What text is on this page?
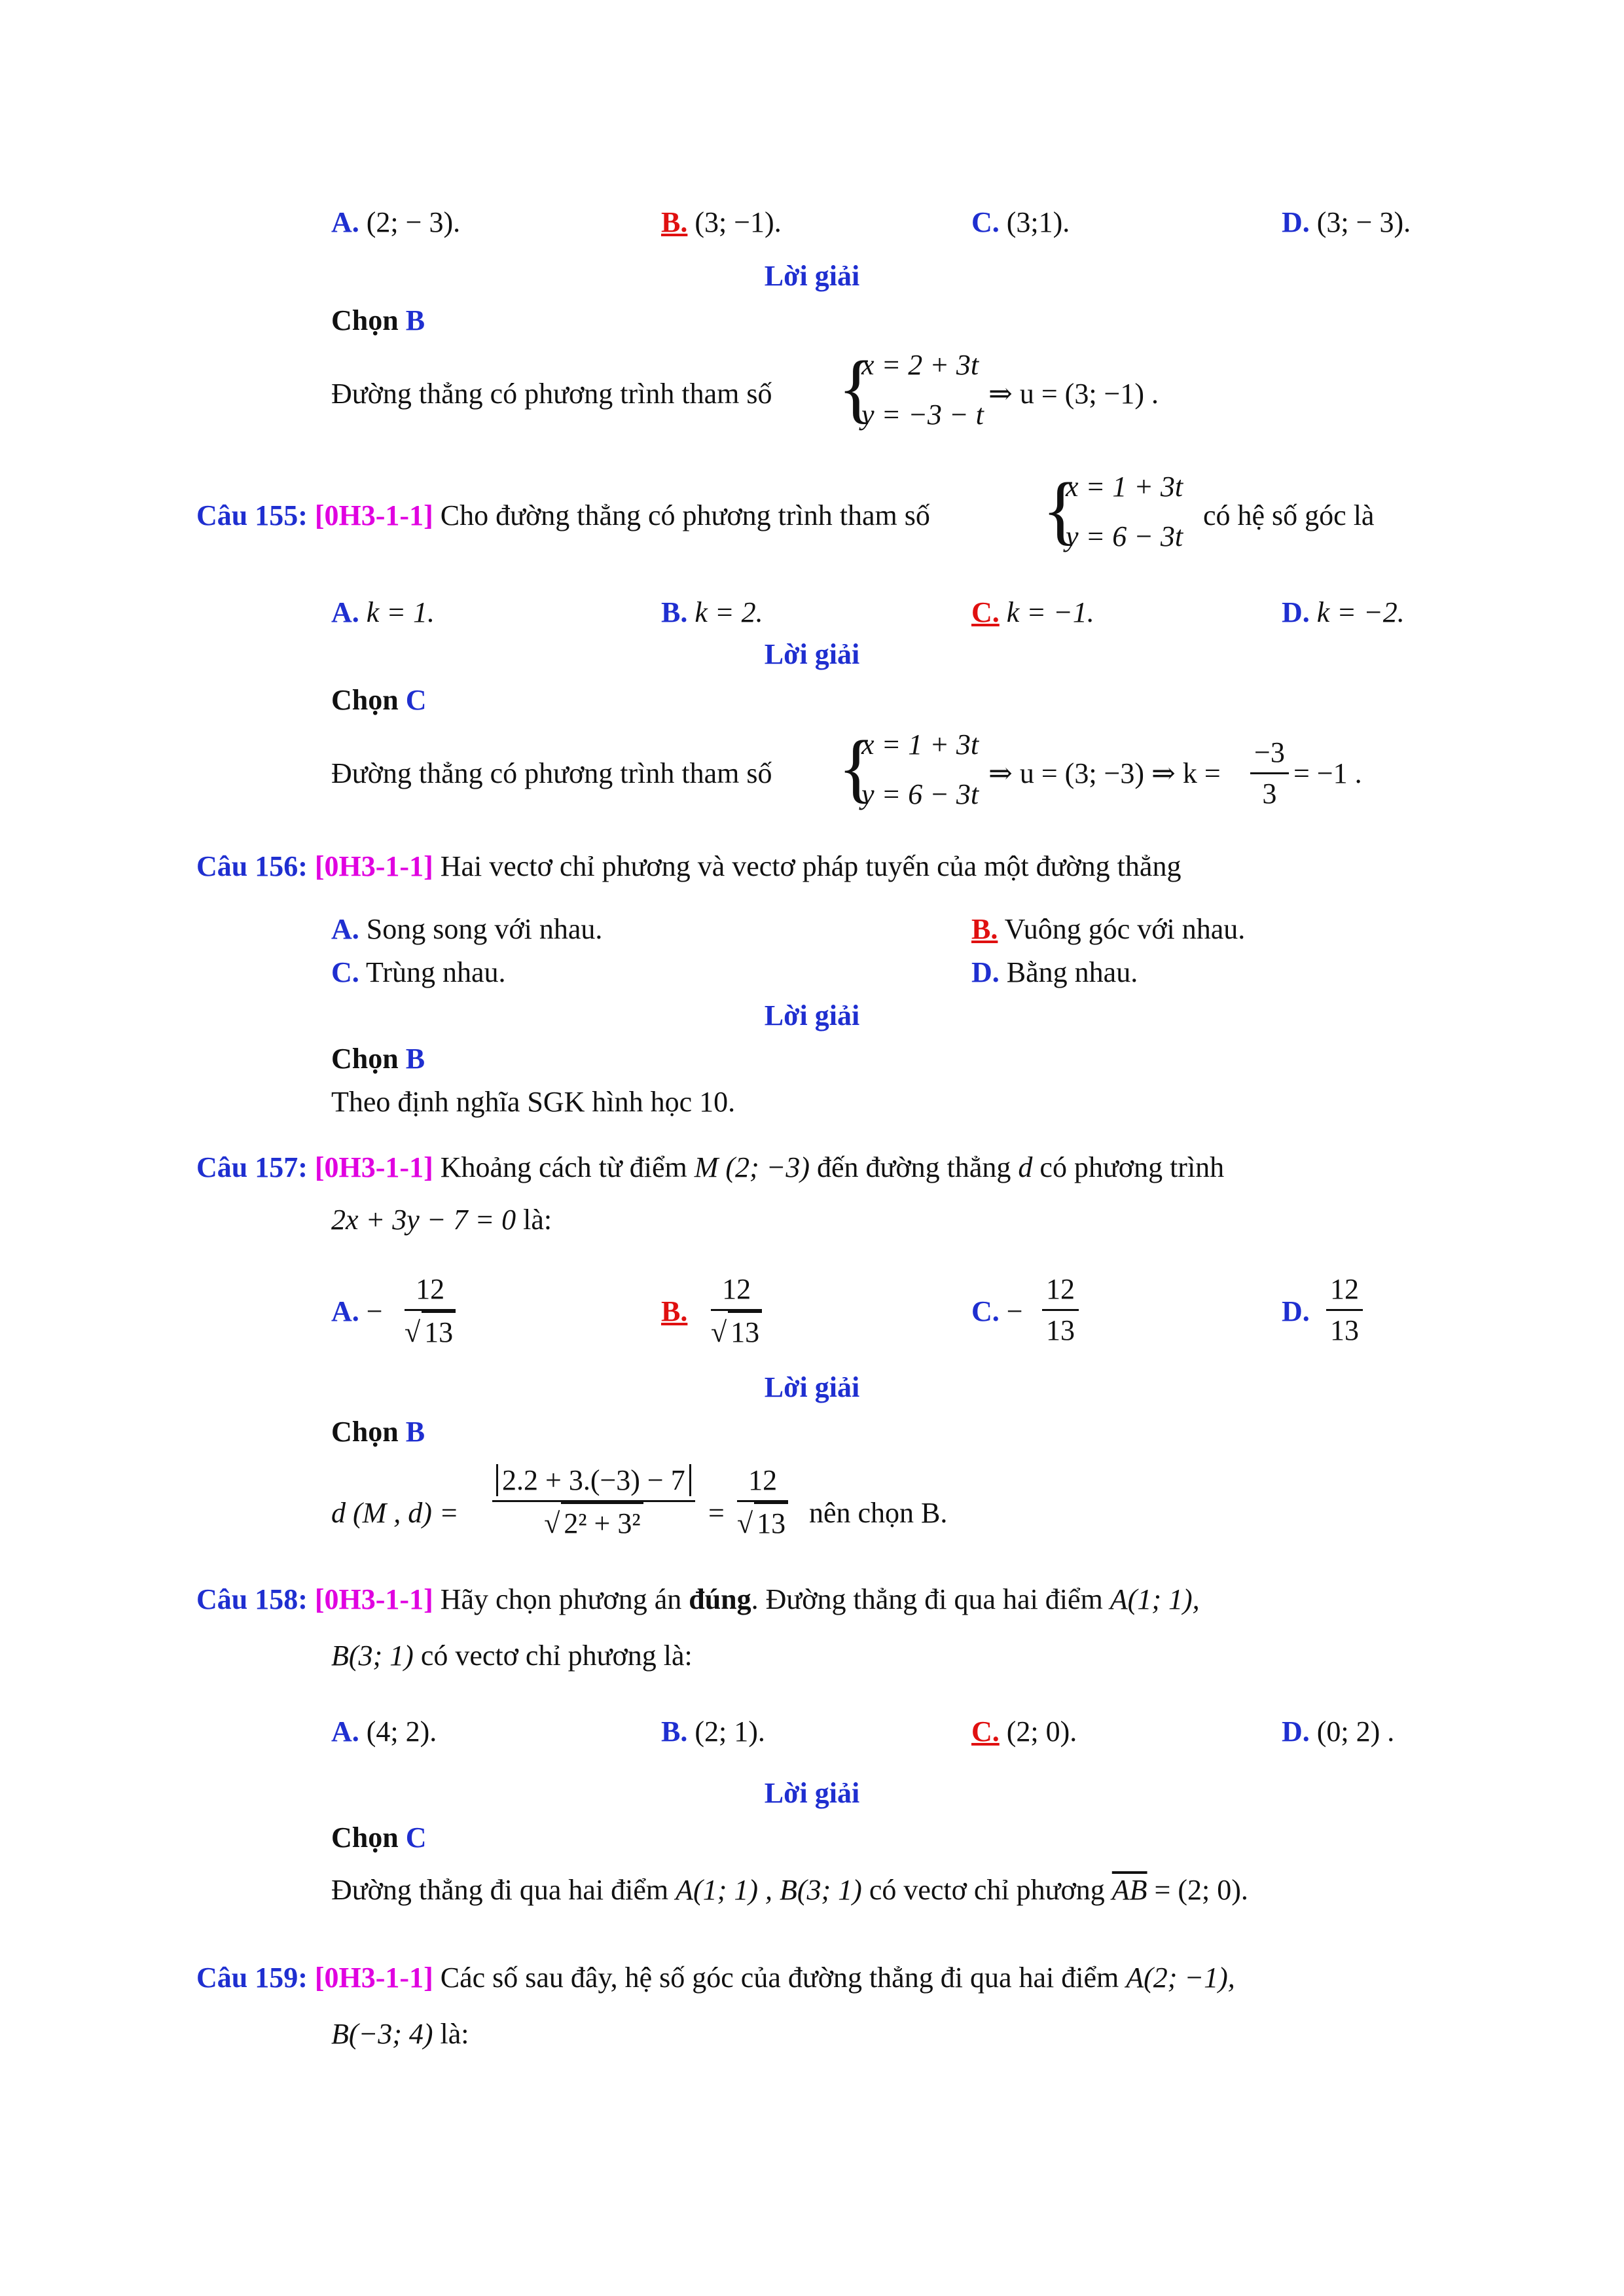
A. (2; − 3).	B. (3; −1).	C. (3;1).	D. (3; − 3).
Lời giải
Chọn B
Đường thẳng có phương trình tham số {
x = 2 + 3t
y = −3 − t
⇒ u = (3; −1) .
Câu 155: [0H3-1-1] Cho đường thẳng có phương trình tham số {
x = 1 + 3t
y = 6 − 3t
có hệ số góc là
A. k = 1.	B. k = 2.	C. k = −1.	D. k = −2.
Lời giải
Chọn C
Đường thẳng có phương trình tham số {
x = 1 + 3t
y = 6 − 3t
⇒ u = (3; −3) ⇒ $k = \frac{-3}{3} = -1$ .
Câu 156: [0H3-1-1] Hai vectơ chỉ phương và vectơ pháp tuyến của một đường thẳng
A. Song song với nhau.	B. Vuông góc với nhau.
C. Trùng nhau.	D. Bằng nhau.
Lời giải
Chọn B
Theo định nghĩa SGK hình học 10.
Câu 157: [0H3-1-1] Khoảng cách từ điểm M (2; −3) đến đường thẳng d có phương trình
2x + 3y − 7 = 0 là:
A. − $\frac{12}{√ 13}$	B. $\frac{12}{√ 13}$	C. − $\frac{12}{13}$	D. $\frac{12}{13}$
Lời giải
Chọn B
d (M , $d) = \frac{2.2 + 3.(-3) - 7}{\text{√ 2² + 3²}} = \frac{12}{√ 13}$ nên chọn B.
Câu 158: [0H3-1-1] Hãy chọn phương án đúng. Đường thẳng đi qua hai điểm A(1; 1),
B(3; 1) có vectơ chỉ phương là:
A. (4; 2).	B. (2; 1).	C. (2; 0).	D. (0; 2) .
Lời giải
Chọn C
Đường thẳng đi qua hai điểm A(1; 1) , B(3; 1) có vectơ chỉ phương $\overline{AB} = (2$; 0).
Câu 159: [0H3-1-1] Các số sau đây, hệ số góc của đường thẳng đi qua hai điểm A(2; −1),
B(−3; 4) là:
